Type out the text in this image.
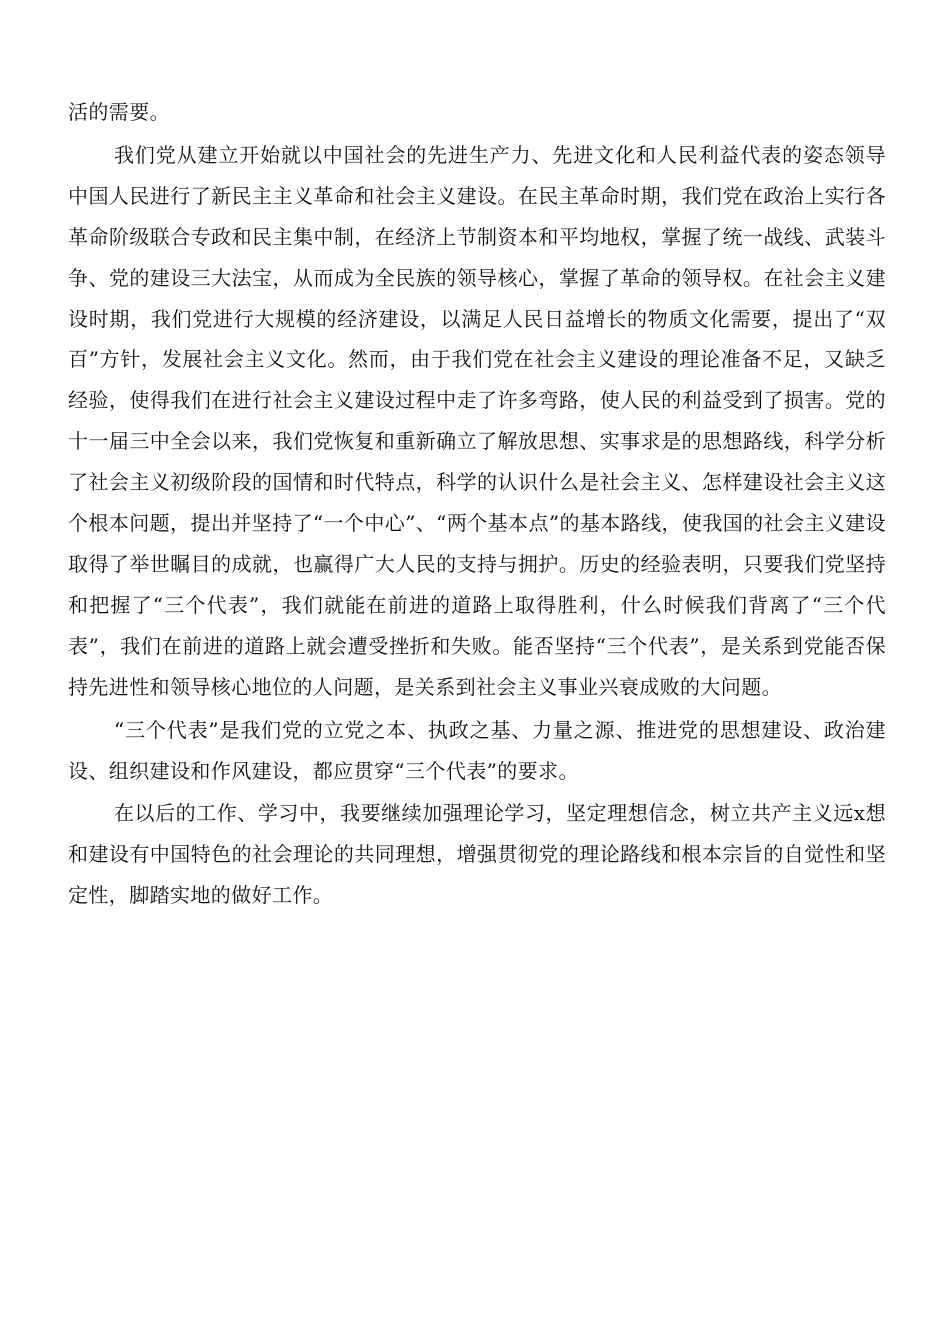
活的需要。

我们党从建立开始就以中国社会的先进生产力、先进文化和人民利益代表的姿态领导中国人民进行了新民主主义革命和社会主义建设。在民主革命时期，我们党在政治上实行各革命阶级联合专政和民主集中制，在经济上节制资本和平均地权，掌握了统一战线、武装斗争、党的建设三大法宝，从而成为全民族的领导核心，掌握了革命的领导权。在社会主义建设时期，我们党进行大规模的经济建设，以满足人民日益增长的物质文化需要，提出了“双百”方针，发展社会主义文化。然而，由于我们党在社会主义建设的理论准备不足，又缺乏经验，使得我们在进行社会主义建设过程中走了许多弯路，使人民的利益受到了损害。党的十一届三中全会以来，我们党恢复和重新确立了解放思想、实事求是的思想路线，科学分析了社会主义初级阶段的国情和时代特点，科学的认识什么是社会主义、怎样建设社会主义这个根本问题，提出并坚持了“一个中心”、“两个基本点”的基本路线，使我国的社会主义建设取得了举世瞩目的成就，也赢得广大人民的支持与拥护。历史的经验表明，只要我们党坚持和把握了“三个代表”，我们就能在前进的道路上取得胜利，什么时候我们背离了“三个代表”，我们在前进的道路上就会遭受挫折和失败。能否坚持“三个代表”，是关系到党能否保持先进性和领导核心地位的人问题，是关系到社会主义事业兴衰成败的大问题。

“三个代表”是我们党的立党之本、执政之基、力量之源、推进党的思想建设、政治建设、组织建设和作风建设，都应贯穿“三个代表”的要求。

在以后的工作、学习中，我要继续加强理论学习，坚定理想信念，树立共产主义远x想和建设有中国特色的社会理论的共同理想，增强贯彻党的理论路线和根本宗旨的自觉性和坚定性，脚踏实地的做好工作。
